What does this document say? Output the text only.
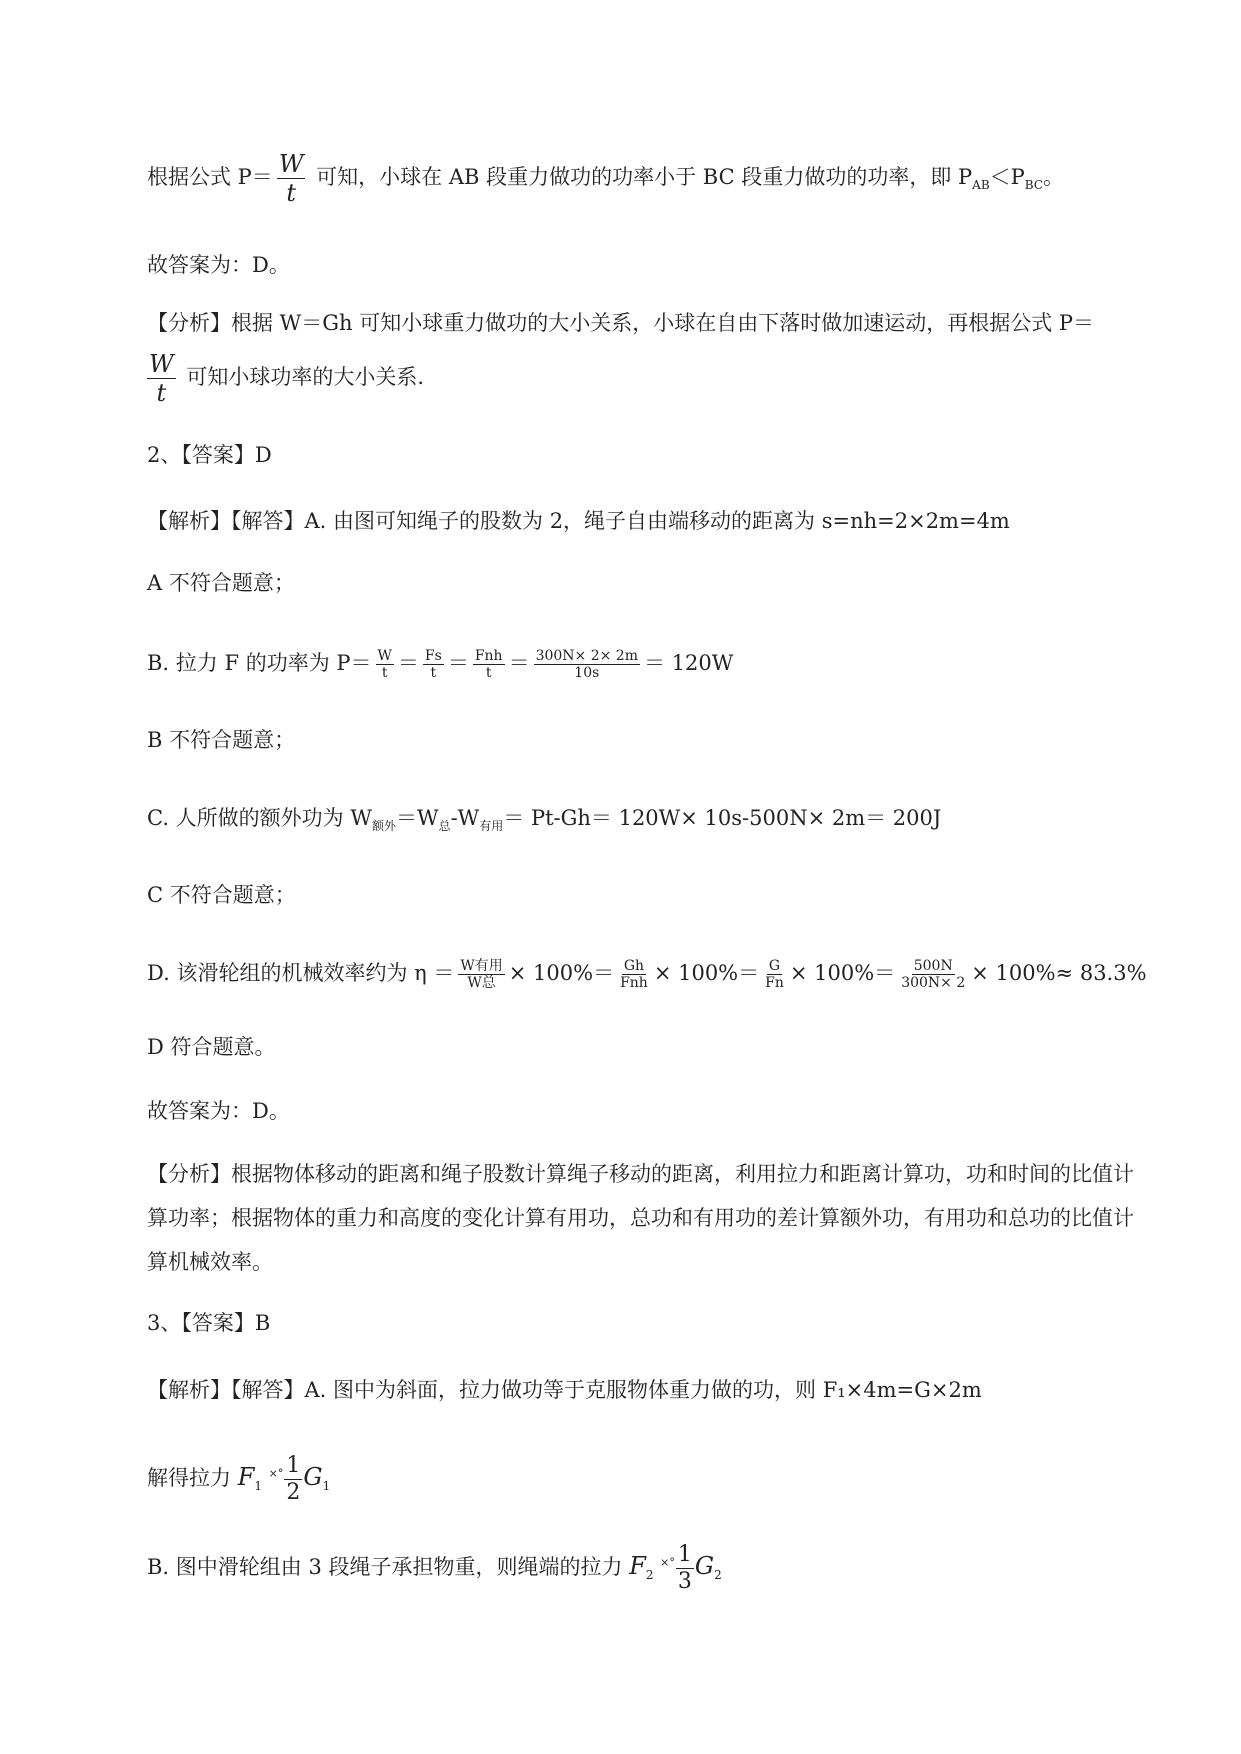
根据公式 $P= \frac{W}{t}$ 可知，小球在 AB 段重力做功的功率小于 BC 段重力做功的功率，即 $P_{AB}<P_{BC}$。
故答案为：D。
【分析】根据 W＝Gh 可知小球重力做功的大小关系，小球在自由下落时做加速运动，再根据公式 P＝
$\frac{W}{t}$ 可知小球功率的大小关系.
2、【答案】D
【解析】【解答】A. 由图可知绳子的股数为 2，绳子自由端移动的距离为 s=nh=2×2m=4m
A 不符合题意；
B. 拉力 F 的功率为 $P= \frac{W}{t} = \frac{Fs}{t} = \frac{\text{Fnh}}{t} = \frac{300N\times 2\times 2m}{10s} = 120W$
B 不符合题意；
C. 人所做的额外功为 $W_{额外}=W_总-W_{有用}= Pt-Gh= 120W\times 10s-500N\times 2m= 200J$
C 不符合题意；
D. 该滑轮组的机械效率约为 $\eta = \frac{\text{W有用}}{\text{W总}} \times 100\%= \frac{Gh}{\text{Fnh}} \times 100\%= \frac{G}{Fn} \times 100\%= \frac{500N}{300N\times 2} \times 100\%\approx 83.3\%$
D 符合题意。
故答案为：D。
【分析】根据物体移动的距离和绳子股数计算绳子移动的距离，利用拉力和距离计算功，功和时间的比值计算功率；根据物体的重力和高度的变化计算有用功，总功和有用功的差计算额外功，有用功和总功的比值计算机械效率。
3、【答案】B
【解析】【解答】A. 图中为斜面，拉力做功等于克服物体重力做的功，则 F₁×4m=G×2m
解得拉力 $F_1$ $^{\times^\circ} \frac{1}{2} G_1$
B. 图中滑轮组由 3 段绳子承担物重，则绳端的拉力 $F_2$ $^{\times^\circ} \frac{1}{3} G_2$
